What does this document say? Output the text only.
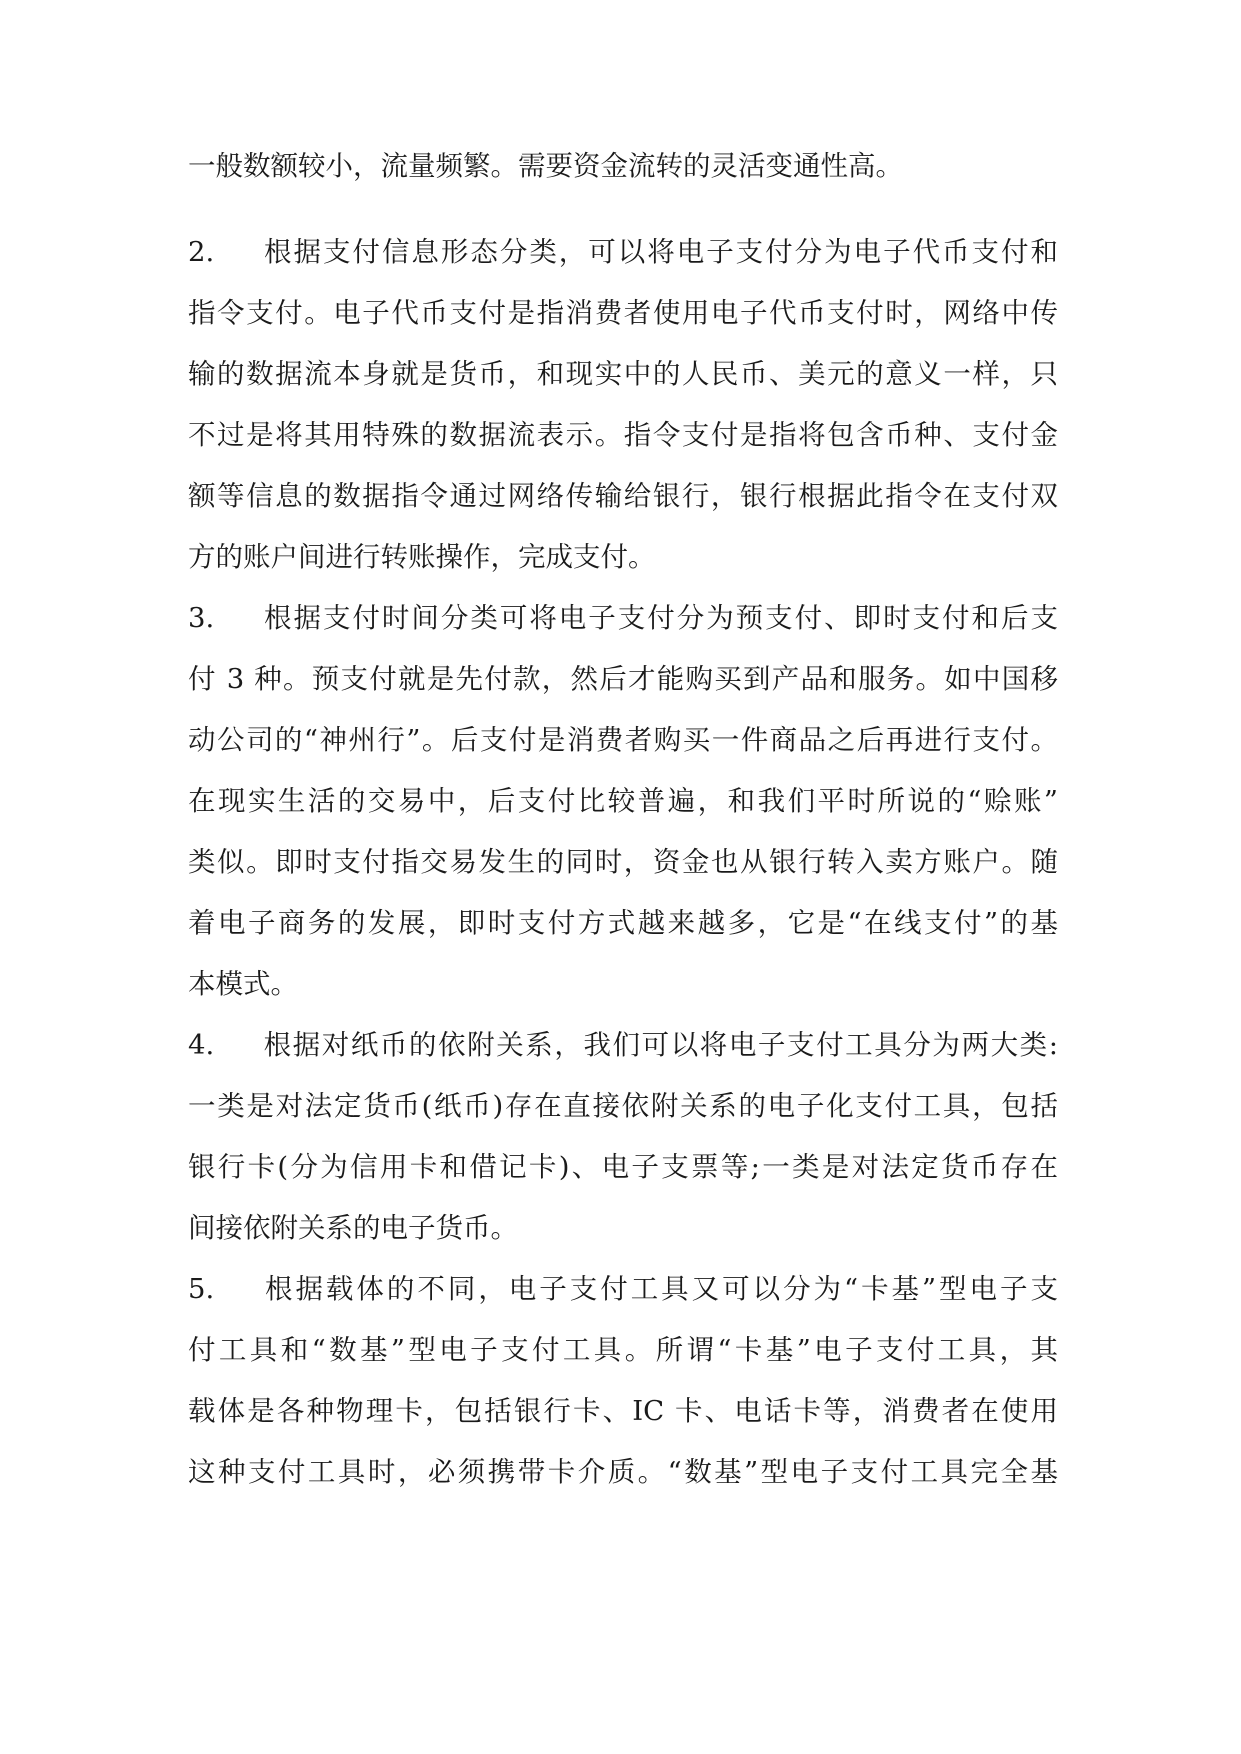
一般数额较小，流量频繁。需要资金流转的灵活变通性高。
2. 根据支付信息形态分类，可以将电子支付分为电子代币支付和
指令支付。电子代币支付是指消费者使用电子代币支付时，网络中传
输的数据流本身就是货币，和现实中的人民币、美元的意义一样，只
不过是将其用特殊的数据流表示。指令支付是指将包含币种、支付金
额等信息的数据指令通过网络传输给银行，银行根据此指令在支付双
方的账户间进行转账操作，完成支付。
3. 根据支付时间分类可将电子支付分为预支付、即时支付和后支
付 3 种。预支付就是先付款，然后才能购买到产品和服务。如中国移
动公司的“神州行”。后支付是消费者购买一件商品之后再进行支付。
在现实生活的交易中，后支付比较普遍，和我们平时所说的“赊账”
类似。即时支付指交易发生的同时，资金也从银行转入卖方账户。随
着电子商务的发展，即时支付方式越来越多，它是“在线支付”的基
本模式。
4. 根据对纸币的依附关系，我们可以将电子支付工具分为两大类:
一类是对法定货币(纸币)存在直接依附关系的电子化支付工具，包括
银行卡(分为信用卡和借记卡)、电子支票等;一类是对法定货币存在
间接依附关系的电子货币。
5. 根据载体的不同，电子支付工具又可以分为“卡基”型电子支
付工具和“数基”型电子支付工具。所谓“卡基”电子支付工具，其
载体是各种物理卡，包括银行卡、IC 卡、电话卡等，消费者在使用
这种支付工具时，必须携带卡介质。“数基”型电子支付工具完全基
